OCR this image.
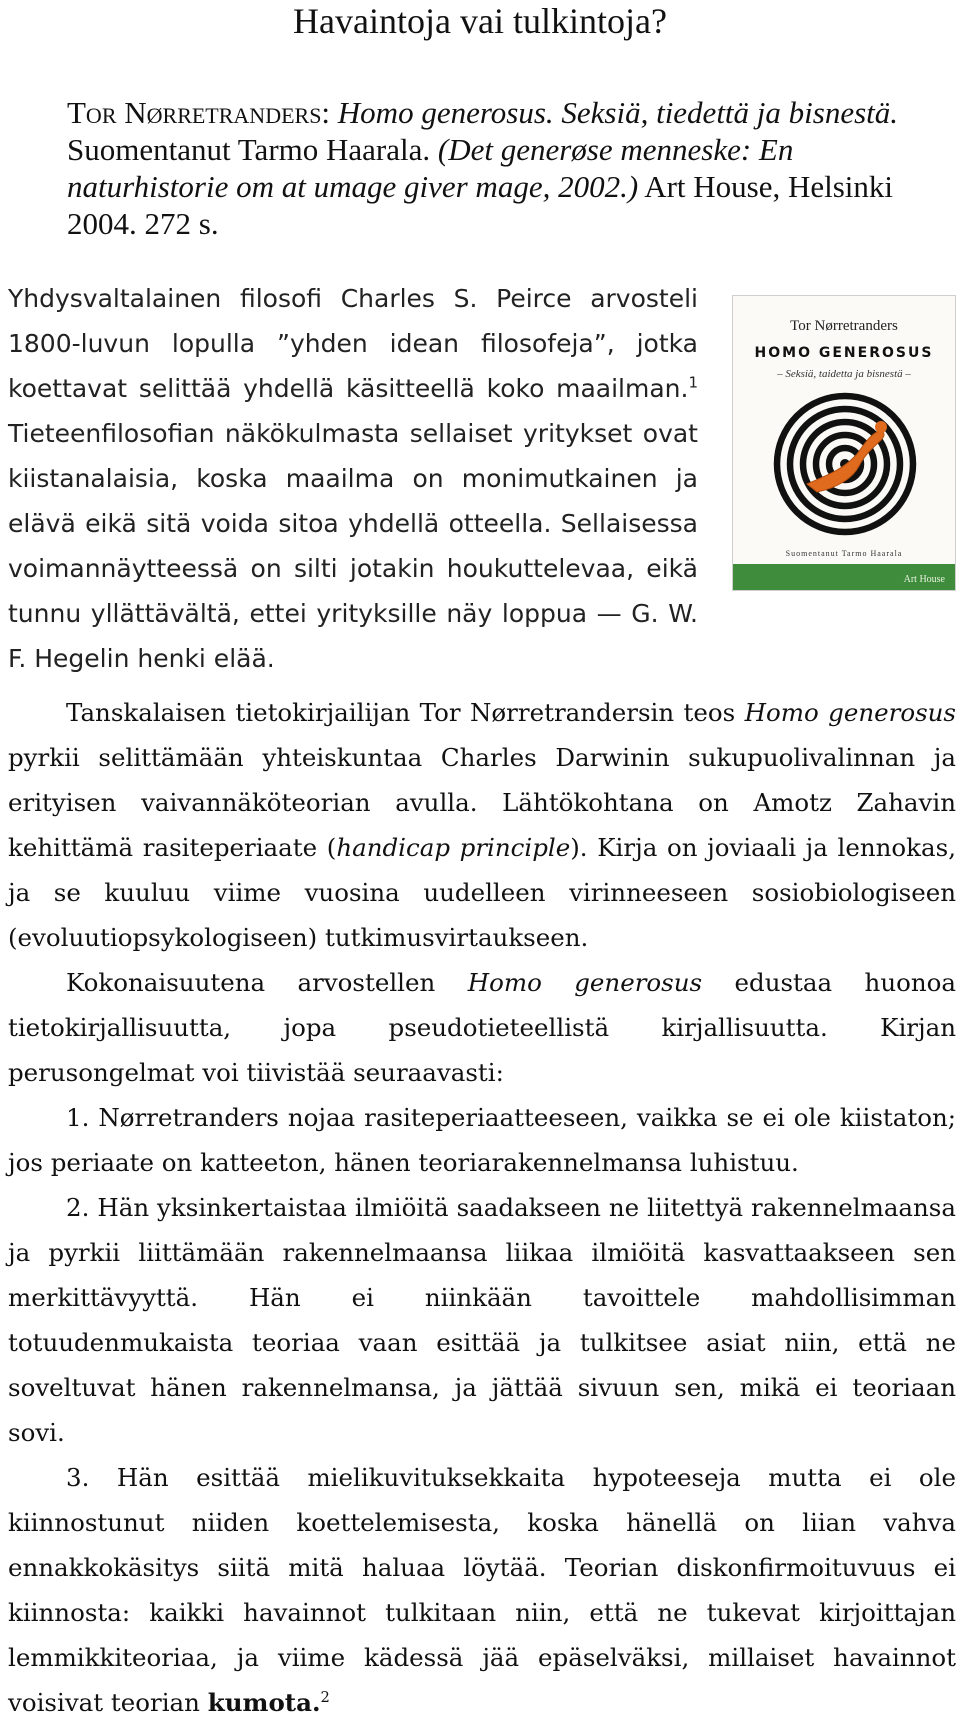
Havaintoja vai tulkintoja?

Tor Nørretranders: Homo generosus. Seksiä, tiedettä ja bisnestä. Suomentanut Tarmo Haarala. (Det generøse menneske: En naturhistorie om at umage giver mage, 2002.) Art House, Helsinki 2004. 272 s.

Yhdysvaltalainen filosofi Charles S. Peirce arvosteli 1800-luvun lopulla ”yhden idean filosofeja”, jotka koettavat selittää yhdellä käsitteellä koko maailman.$^1$ Tieteenfilosofian näkökulmasta sellaiset yritykset ovat kiistanalaisia, koska maailma on monimutkainen ja elävä eikä sitä voida sitoa yhdellä otteella. Sellaisessa voimannäytteessä on silti jotakin houkuttelevaa, eikä tunnu yllättävältä, ettei yrityksille näy loppua — G. W. F. Hegelin henki elää.

Tor Nørretranders
HOMO GENEROSUS
– Seksiä, taidetta ja bisnestä –
Suomentanut Tarmo Haarala
Art House

Tanskalaisen tietokirjailijan Tor Nørretrandersin teos Homo generosus pyrkii selittämään yhteiskuntaa Charles Darwinin sukupuolivalinnan ja erityisen vaivannäköteorian avulla. Lähtökohtana on Amotz Zahavin kehittämä rasiteperiaate (handicap principle). Kirja on joviaali ja lennokas, ja se kuuluu viime vuosina uudelleen virinneeseen sosiobiologiseen (evoluutiopsykologiseen) tutkimusvirtaukseen.

Kokonaisuutena arvostellen Homo generosus edustaa huonoa tietokirjallisuutta, jopa pseudotieteellistä kirjallisuutta. Kirjan perusongelmat voi tiivistää seuraavasti:

1. Nørretranders nojaa rasiteperiaatteeseen, vaikka se ei ole kiistaton; jos periaate on katteeton, hänen teoriarakennelmansa luhistuu.

2. Hän yksinkertaistaa ilmiöitä saadakseen ne liitettyä rakennelmaansa ja pyrkii liittämään rakennelmaansa liikaa ilmiöitä kasvattaakseen sen merkittävyyttä. Hän ei niinkään tavoittele mahdollisimman totuudenmukaista teoriaa vaan esittää ja tulkitsee asiat niin, että ne soveltuvat hänen rakennelmansa, ja jättää sivuun sen, mikä ei teoriaan sovi.

3. Hän esittää mielikuvituksekkaita hypoteeseja mutta ei ole kiinnostunut niiden koettelemisesta, koska hänellä on liian vahva ennakkokäsitys siitä mitä haluaa löytää. Teorian diskonfirmoituvuus ei kiinnosta: kaikki havainnot tulkitaan niin, että ne tukevat kirjoittajan lemmikkiteoriaa, ja viime kädessä jää epäselväksi, millaiset havainnot voisivat teorian kumota.$^2$
